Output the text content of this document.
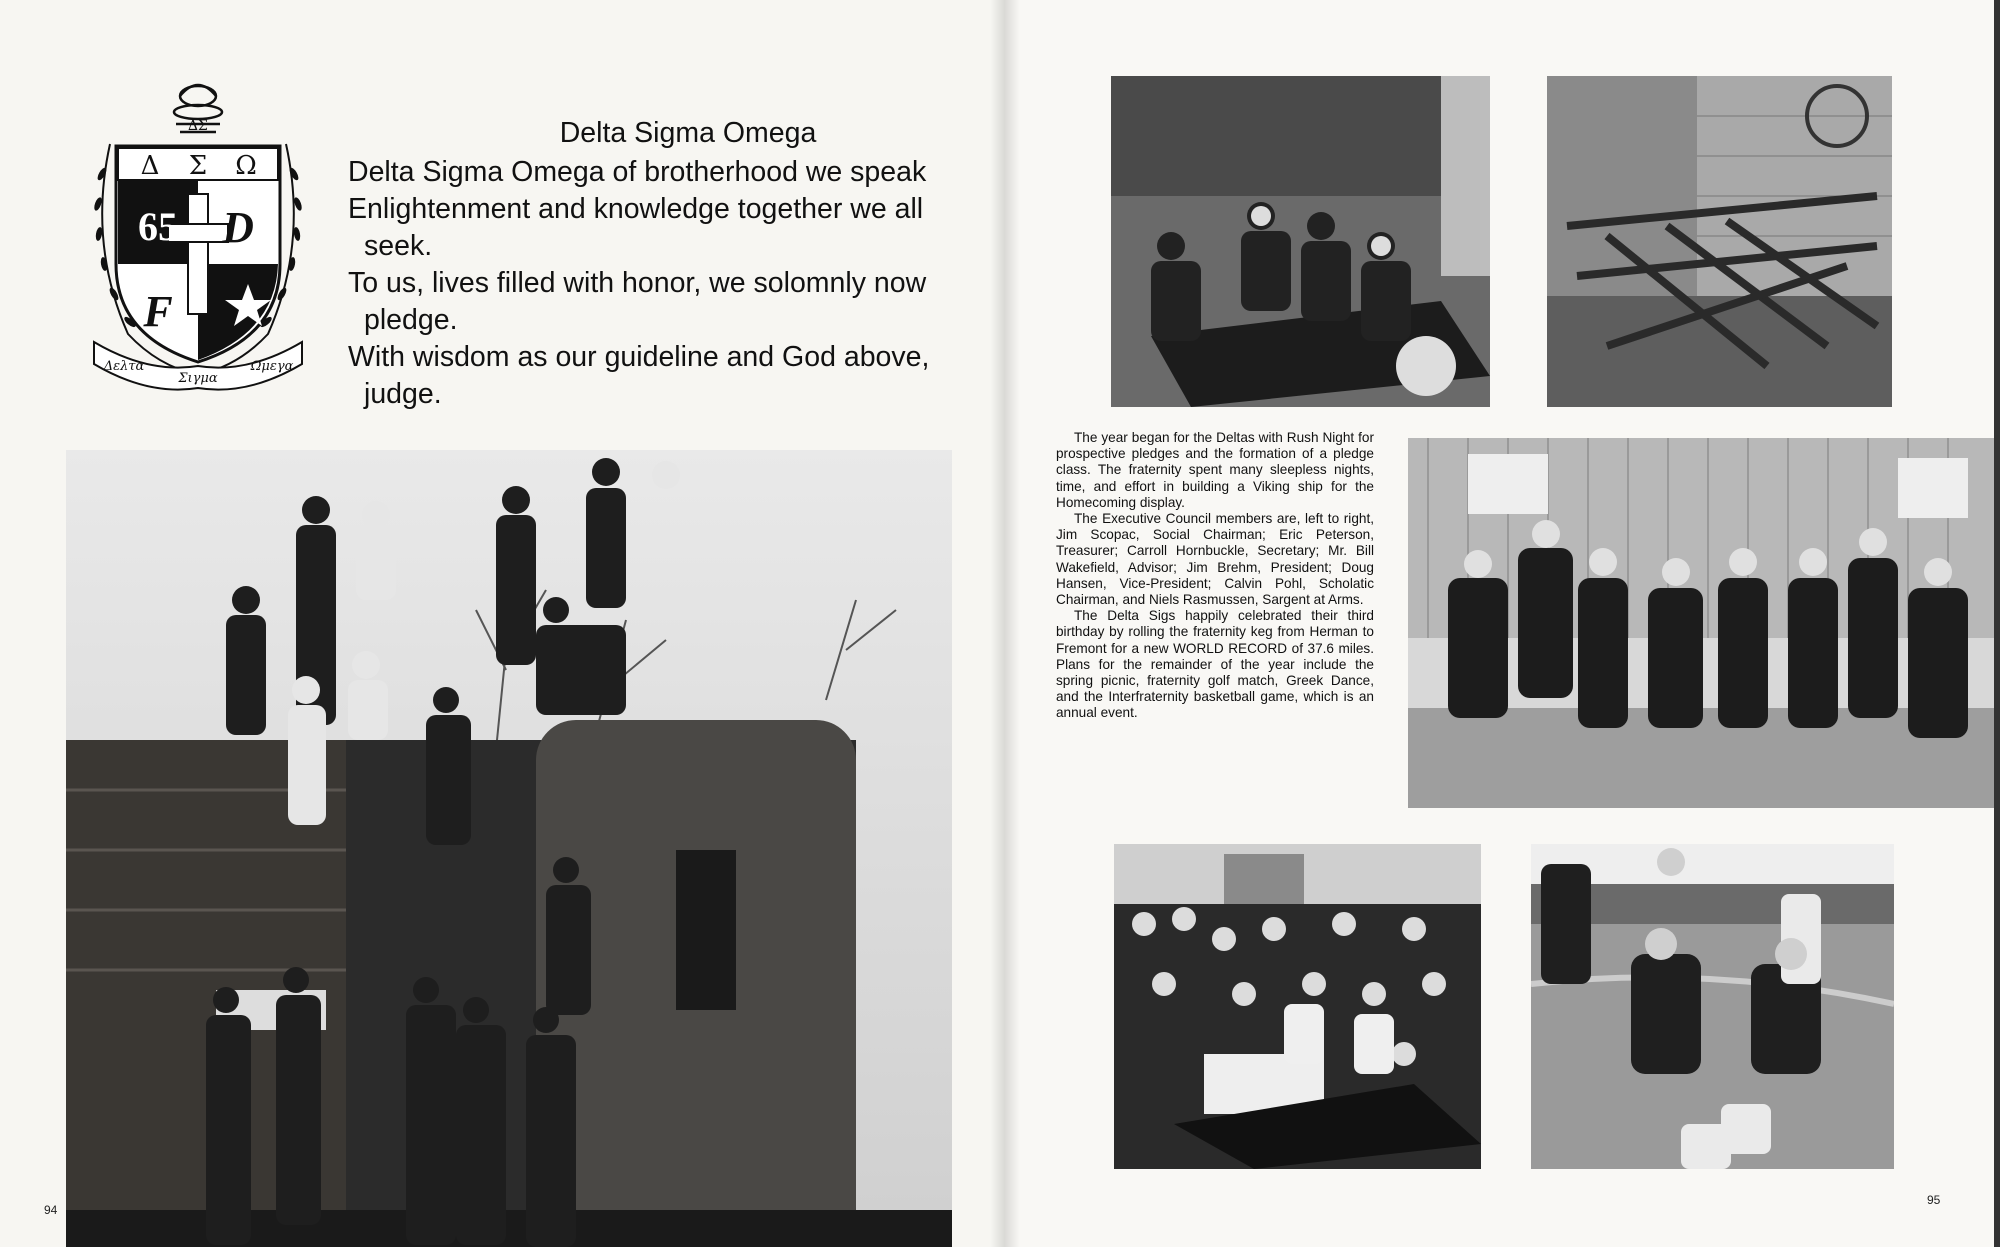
∆Σ
Δ Σ Ω
65 D
F
Δελτα
Σιγμα
Ωμεγα
Delta Sigma Omega

Delta Sigma Omega of brotherhood we speak

Enlightenment and knowledge together we all

seek.

To us, lives filled with honor, we solomnly now

pledge.

With wisdom as our guideline and God above,

judge.

94
95

The year began for the Deltas with Rush Night for prospective pledges and the formation of a pledge class. The fraternity spent many sleepless nights, time, and effort in building a Viking ship for the Homecoming display.

The Executive Council members are, left to right, Jim Scopac, Social Chairman; Eric Peterson, Treasurer; Carroll Hornbuckle, Secretary; Mr. Bill Wakefield, Advisor; Jim Brehm, President; Doug Hansen, Vice-President; Calvin Pohl, Scholatic Chairman, and Niels Rasmussen, Sargent at Arms.

The Delta Sigs happily celebrated their third birthday by rolling the fraternity keg from Herman to Fremont for a new WORLD RECORD of 37.6 miles. Plans for the remainder of the year include the spring picnic, fraternity golf match, Greek Dance, and the Interfraternity basketball game, which is an annual event.
